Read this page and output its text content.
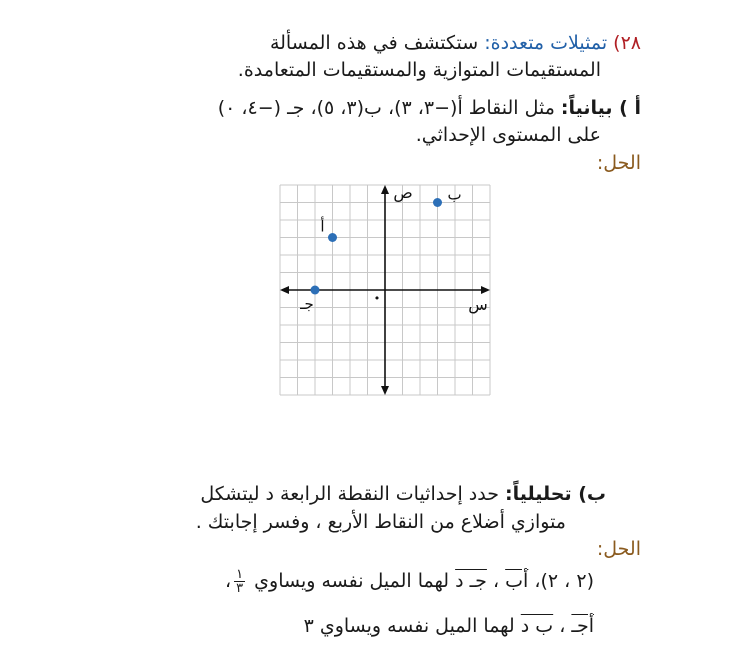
٢٨) تمثيلات متعددة: ستكتشف في هذه المسألة
المستقيمات المتوازية والمستقيمات المتعامدة.
أ ) بيانياً: مثل النقاط أ(−٣، ٣)، ب(٣، ٥)، جـ (−٤، ٠)
على المستوى الإحداثي.
الحل:
س
ص
•
أ
ب
جـ
ب) تحليلياً: حدد إحداثيات النقطة الرابعة د ليتشكل
متوازي أضلاع من النقاط الأربع ، وفسر إجابتك .
الحل:
(٢ ، ٢)، أب ، جـ د لهما الميل نفسه ويساوي
$\frac{١}{٣}$
،
أجـ ، ب د لهما الميل نفسه ويساوي ٣
